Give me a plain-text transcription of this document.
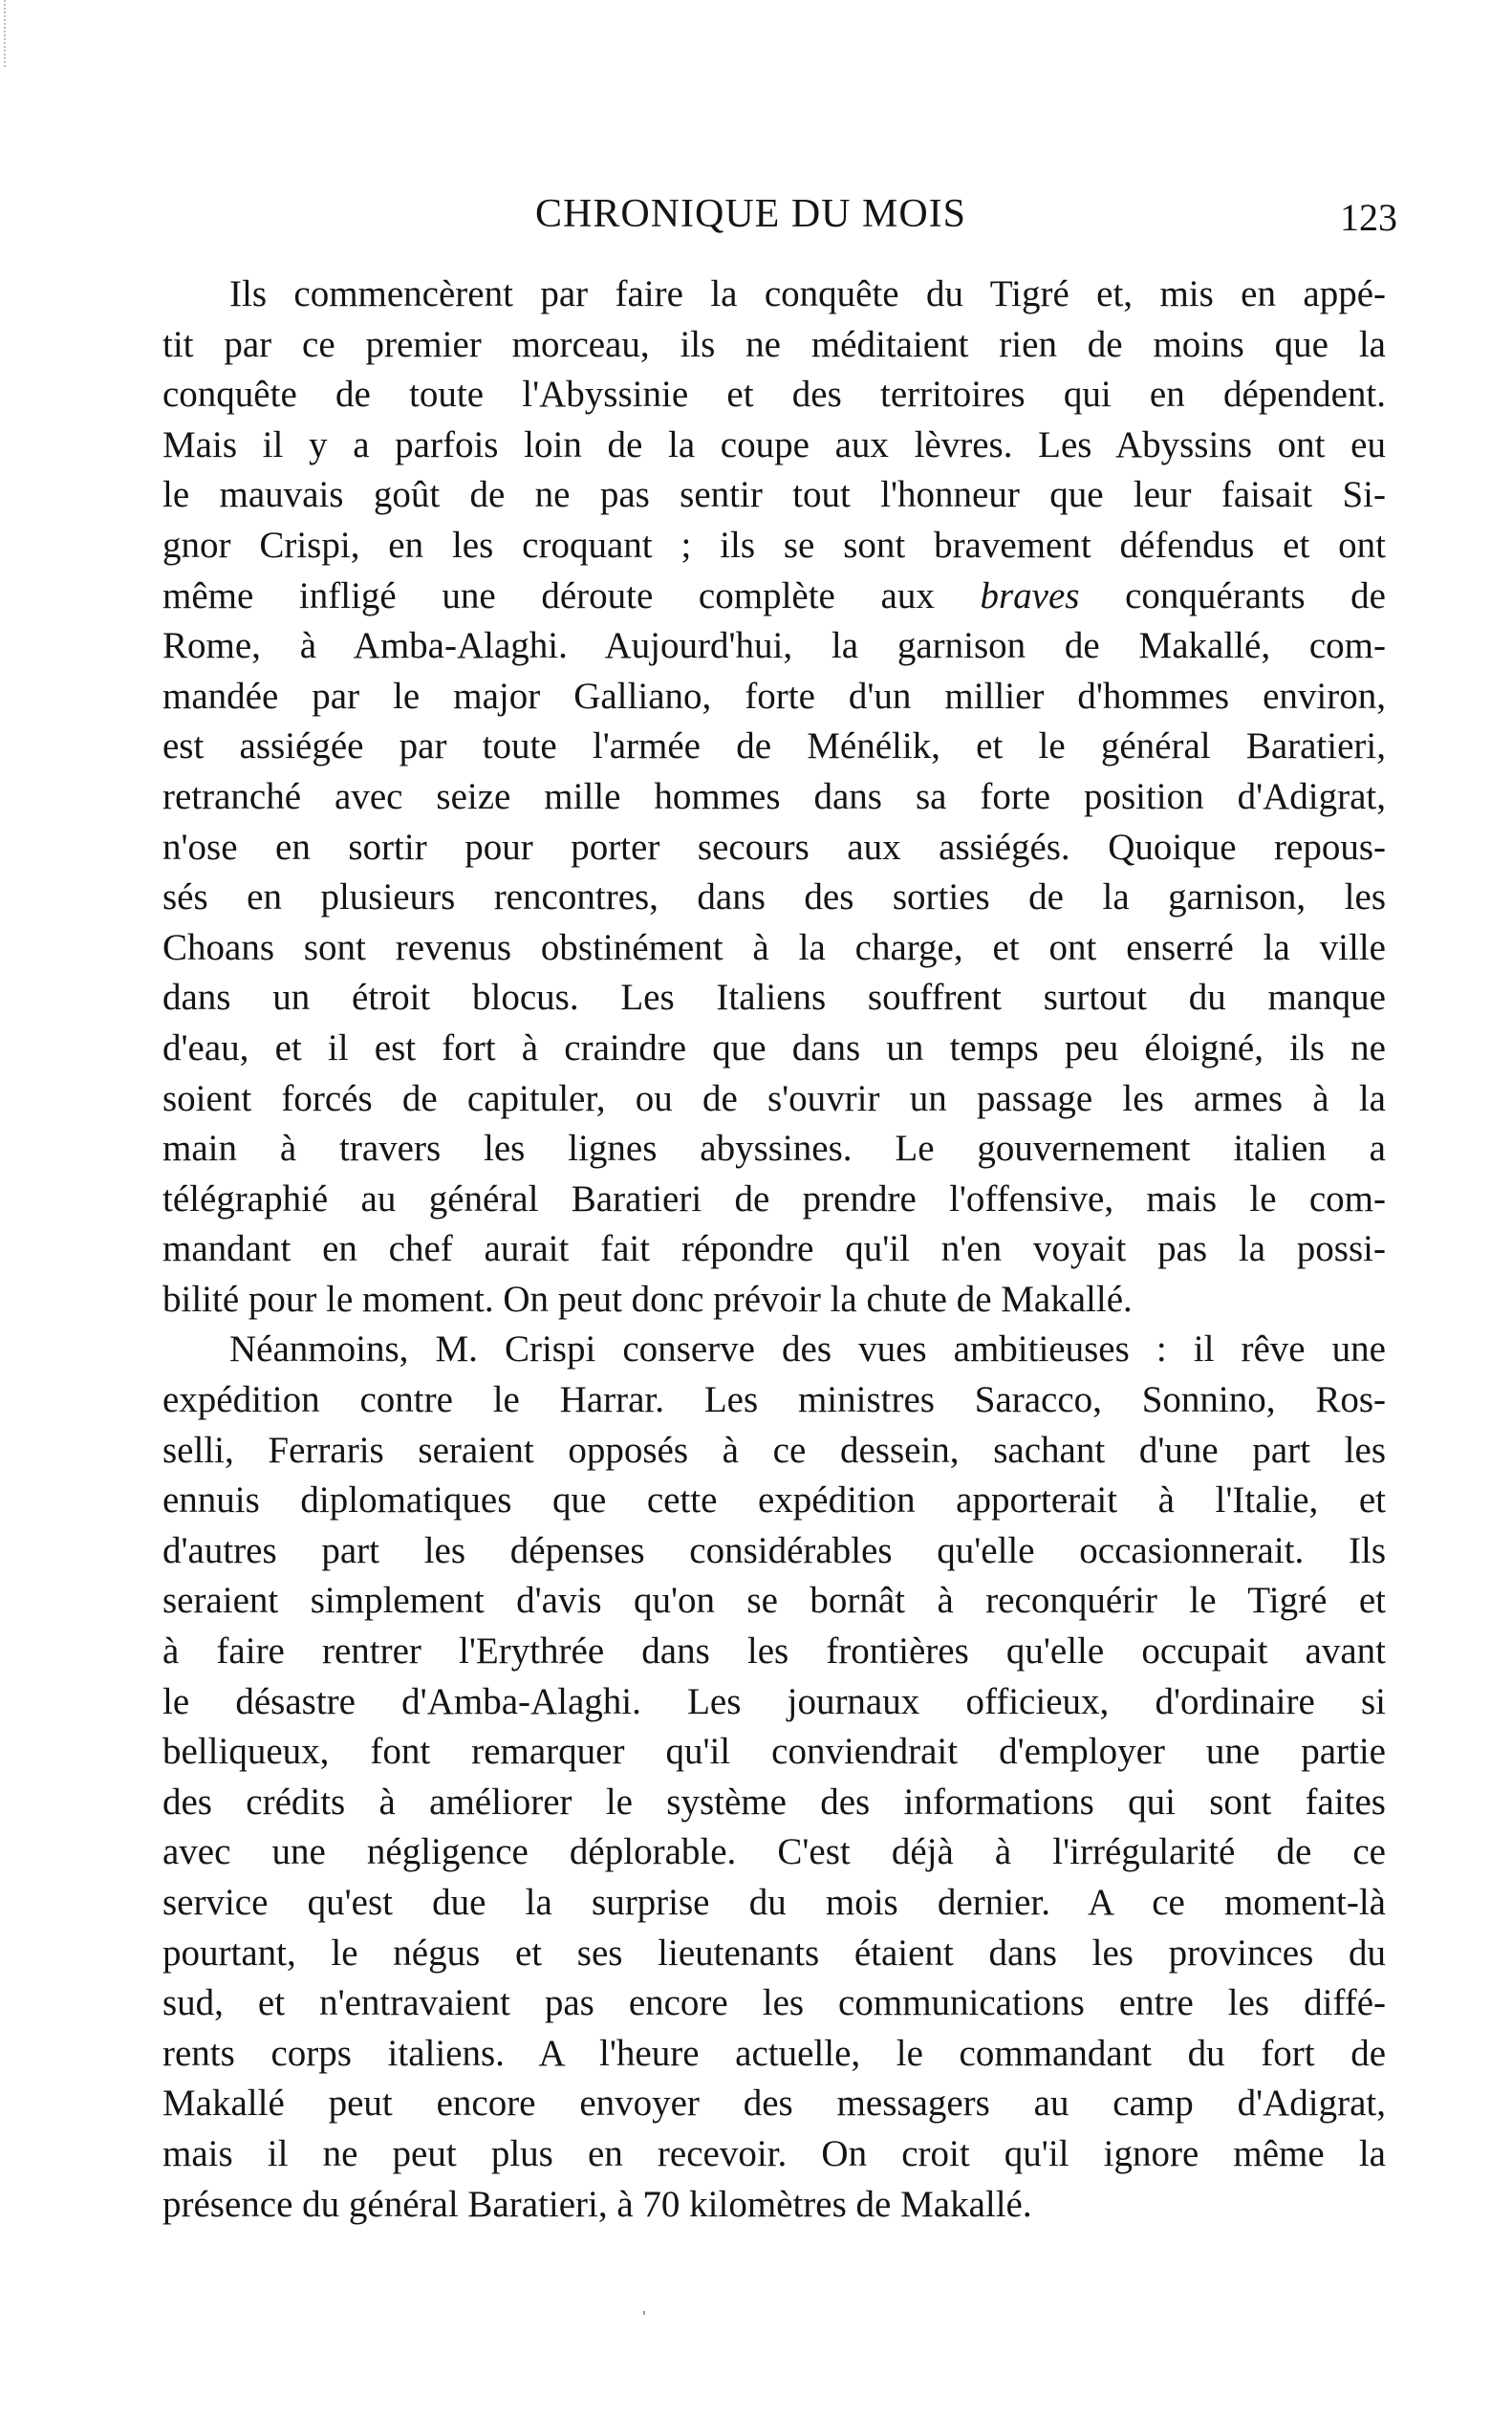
CHRONIQUE DU MOIS	123
Ils commencèrent par faire la conquête du Tigré et, mis en appé-
tit par ce premier morceau, ils ne méditaient rien de moins que la
conquête de toute l'Abyssinie et des territoires qui en dépendent.
Mais il y a parfois loin de la coupe aux lèvres. Les Abyssins ont eu
le mauvais goût de ne pas sentir tout l'honneur que leur faisait Si-
gnor Crispi, en les croquant ; ils se sont bravement défendus et ont
même infligé une déroute complète aux braves conquérants de
Rome, à Amba-Alaghi. Aujourd'hui, la garnison de Makallé, com-
mandée par le major Galliano, forte d'un millier d'hommes environ,
est assiégée par toute l'armée de Ménélik, et le général Baratieri,
retranché avec seize mille hommes dans sa forte position d'Adigrat,
n'ose en sortir pour porter secours aux assiégés. Quoique repous-
sés en plusieurs rencontres, dans des sorties de la garnison, les
Choans sont revenus obstinément à la charge, et ont enserré la ville
dans un étroit blocus. Les Italiens souffrent surtout du manque
d'eau, et il est fort à craindre que dans un temps peu éloigné, ils ne
soient forcés de capituler, ou de s'ouvrir un passage les armes à la
main à travers les lignes abyssines. Le gouvernement italien a
télégraphié au général Baratieri de prendre l'offensive, mais le com-
mandant en chef aurait fait répondre qu'il n'en voyait pas la possi-
bilité pour le moment. On peut donc prévoir la chute de Makallé.
Néanmoins, M. Crispi conserve des vues ambitieuses : il rêve une
expédition contre le Harrar. Les ministres Saracco, Sonnino, Ros-
selli, Ferraris seraient opposés à ce dessein, sachant d'une part les
ennuis diplomatiques que cette expédition apporterait à l'Italie, et
d'autres part les dépenses considérables qu'elle occasionnerait. Ils
seraient simplement d'avis qu'on se bornât à reconquérir le Tigré et
à faire rentrer l'Erythrée dans les frontières qu'elle occupait avant
le désastre d'Amba-Alaghi. Les journaux officieux, d'ordinaire si
belliqueux, font remarquer qu'il conviendrait d'employer une partie
des crédits à améliorer le système des informations qui sont faites
avec une négligence déplorable. C'est déjà à l'irrégularité de ce
service qu'est due la surprise du mois dernier. A ce moment-là
pourtant, le négus et ses lieutenants étaient dans les provinces du
sud, et n'entravaient pas encore les communications entre les diffé-
rents corps italiens. A l'heure actuelle, le commandant du fort de
Makallé peut encore envoyer des messagers au camp d'Adigrat,
mais il ne peut plus en recevoir. On croit qu'il ignore même la
présence du général Baratieri, à 70 kilomètres de Makallé.
